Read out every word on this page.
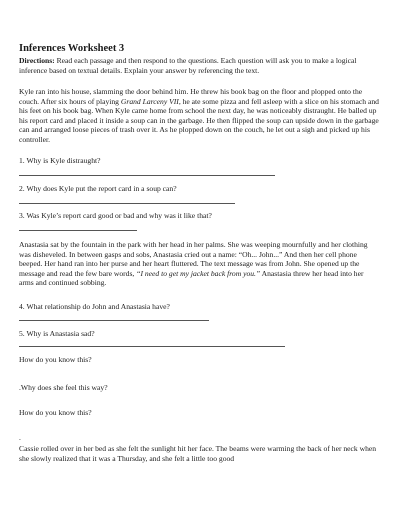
Inferences Worksheet 3

Directions: Read each passage and then respond to the questions. Each question will ask you to make a logical inference based on textual details. Explain your answer by referencing the text.

Kyle ran into his house, slamming the door behind him. He threw his book bag on the floor and plopped onto the couch. After six hours of playing Grand Larceny VII, he ate some pizza and fell asleep with a slice on his stomach and his feet on his book bag. When Kyle came home from school the next day, he was noticeably distraught. He balled up his report card and placed it inside a soup can in the garbage. He then flipped the soup can upside down in the garbage can and arranged loose pieces of trash over it. As he plopped down on the couch, he let out a sigh and picked up his controller.

1. Why is Kyle distraught?
2. Why does Kyle put the report card in a soup can?
3. Was Kyle’s report card good or bad and why was it like that?

Anastasia sat by the fountain in the park with her head in her palms. She was weeping mournfully and her clothing was disheveled. In between gasps and sobs, Anastasia cried out a name: “Oh... John...” And then her cell phone beeped. Her hand ran into her purse and her heart fluttered. The text message was from John. She opened up the message and read the few bare words, “I need to get my jacket back from you.” Anastasia threw her head into her arms and continued sobbing.

4. What relationship do John and Anastasia have?
5. Why is Anastasia sad?
How do you know this?
.Why does she feel this way?
How do you know this?
.

Cassie rolled over in her bed as she felt the sunlight hit her face. The beams were warming the back of her neck when she slowly realized that it was a Thursday, and she felt a little too good
